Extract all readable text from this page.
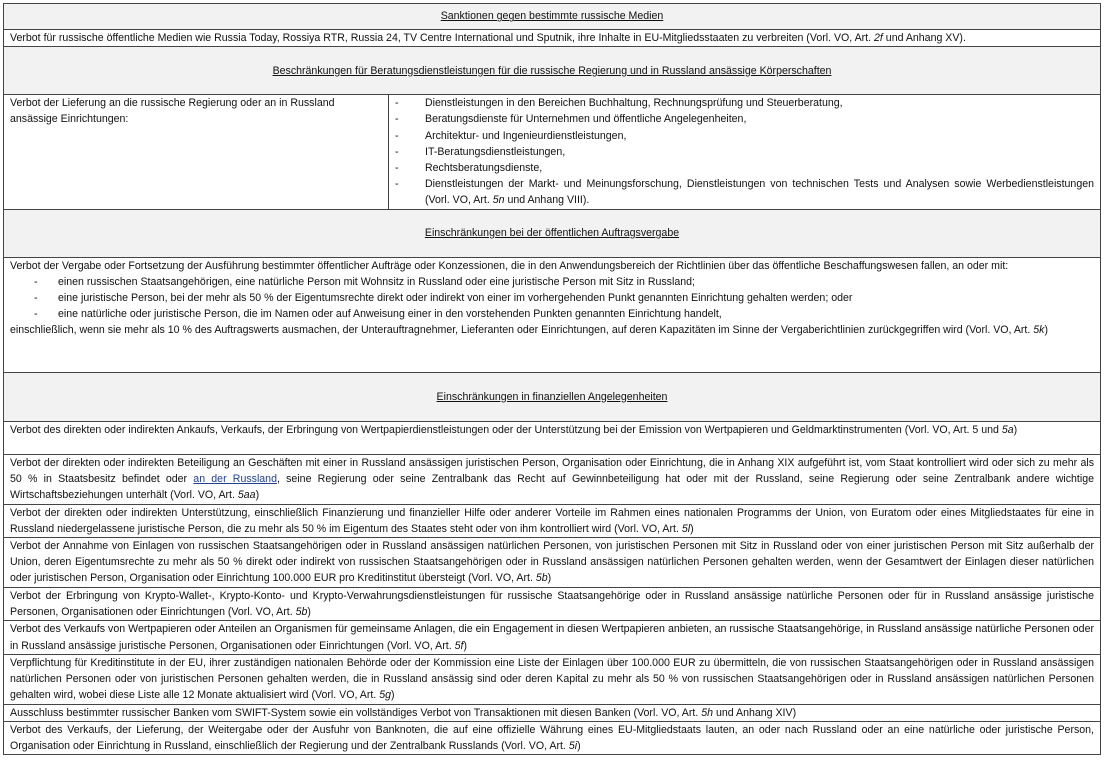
Sanktionen gegen bestimmte russische Medien
Verbot für russische öffentliche Medien wie Russia Today, Rossiya RTR, Russia 24, TV Centre International und Sputnik, ihre Inhalte in EU-Mitgliedsstaaten zu verbreiten (Vorl. VO, Art. 2f und Anhang XV).
Beschränkungen für Beratungsdienstleistungen für die russische Regierung und in Russland ansässige Körperschaften
Verbot der Lieferung an die russische Regierung oder an in Russland ansässige Einrichtungen:	
-	Dienstleistungen in den Bereichen Buchhaltung, Rechnungsprüfung und Steuerberatung,
-	Beratungsdienste für Unternehmen und öffentliche Angelegenheiten,
-	Architektur- und Ingenieurdienstleistungen,
-	IT-Beratungsdienstleistungen,
-	Rechtsberatungsdienste,
-	Dienstleistungen der Markt- und Meinungsforschung, Dienstleistungen von technischen Tests und Analysen sowie Werbedienstleistungen (Vorl. VO, Art. 5n und Anhang VIII).

Einschränkungen bei der öffentlichen Auftragsvergabe

Verbot der Vergabe oder Fortsetzung der Ausführung bestimmter öffentlicher Aufträge oder Konzessionen, die in den Anwendungsbereich der Richtlinien über das öffentliche Beschaffungswesen fallen, an oder mit:
-	einen russischen Staatsangehörigen, eine natürliche Person mit Wohnsitz in Russland oder eine juristische Person mit Sitz in Russland;
-	eine juristische Person, bei der mehr als 50 % der Eigentumsrechte direkt oder indirekt von einer im vorhergehenden Punkt genannten Einrichtung gehalten werden; oder
-	eine natürliche oder juristische Person, die im Namen oder auf Anweisung einer in den vorstehenden Punkten genannten Einrichtung handelt,
einschließlich, wenn sie mehr als 10 % des Auftragswerts ausmachen, der Unterauftragnehmer, Lieferanten oder Einrichtungen, auf deren Kapazitäten im Sinne der Vergaberichtlinien zurückgegriffen wird (Vorl. VO, Art. 5k)

Einschränkungen in finanziellen Angelegenheiten
Verbot des direkten oder indirekten Ankaufs, Verkaufs, der Erbringung von Wertpapierdienstleistungen oder der Unterstützung bei der Emission von Wertpapieren und Geldmarktinstrumenten (Vorl. VO, Art. 5 und 5a)
Verbot der direkten oder indirekten Beteiligung an Geschäften mit einer in Russland ansässigen juristischen Person, Organisation oder Einrichtung, die in Anhang XIX aufgeführt ist, vom Staat kontrolliert wird oder sich zu mehr als 50 % in Staatsbesitz befindet oder an der Russland, seine Regierung oder seine Zentralbank das Recht auf Gewinnbeteiligung hat oder mit der Russland, seine Regierung oder seine Zentralbank andere wichtige Wirtschaftsbeziehungen unterhält (Vorl. VO, Art. 5aa)
Verbot der direkten oder indirekten Unterstützung, einschließlich Finanzierung und finanzieller Hilfe oder anderer Vorteile im Rahmen eines nationalen Programms der Union, von Euratom oder eines Mitgliedstaates für eine in Russland niedergelassene juristische Person, die zu mehr als 50 % im Eigentum des Staates steht oder von ihm kontrolliert wird (Vorl. VO, Art. 5l)
Verbot der Annahme von Einlagen von russischen Staatsangehörigen oder in Russland ansässigen natürlichen Personen, von juristischen Personen mit Sitz in Russland oder von einer juristischen Person mit Sitz außerhalb der Union, deren Eigentumsrechte zu mehr als 50 % direkt oder indirekt von russischen Staatsangehörigen oder in Russland ansässigen natürlichen Personen gehalten werden, wenn der Gesamtwert der Einlagen dieser natürlichen oder juristischen Person, Organisation oder Einrichtung 100.000 EUR pro Kreditinstitut übersteigt (Vorl. VO, Art. 5b)
Verbot der Erbringung von Krypto-Wallet-, Krypto-Konto- und Krypto-Verwahrungsdienstleistungen für russische Staatsangehörige oder in Russland ansässige natürliche Personen oder für in Russland ansässige juristische Personen, Organisationen oder Einrichtungen (Vorl. VO, Art. 5b)
Verbot des Verkaufs von Wertpapieren oder Anteilen an Organismen für gemeinsame Anlagen, die ein Engagement in diesen Wertpapieren anbieten, an russische Staatsangehörige, in Russland ansässige natürliche Personen oder in Russland ansässige juristische Personen, Organisationen oder Einrichtungen (Vorl. VO, Art. 5f)
Verpflichtung für Kreditinstitute in der EU, ihrer zuständigen nationalen Behörde oder der Kommission eine Liste der Einlagen über 100.000 EUR zu übermitteln, die von russischen Staatsangehörigen oder in Russland ansässigen natürlichen Personen oder von juristischen Personen gehalten werden, die in Russland ansässig sind oder deren Kapital zu mehr als 50 % von russischen Staatsangehörigen oder in Russland ansässigen natürlichen Personen gehalten wird, wobei diese Liste alle 12 Monate aktualisiert wird (Vorl. VO, Art. 5g)
Ausschluss bestimmter russischer Banken vom SWIFT-System sowie ein vollständiges Verbot von Transaktionen mit diesen Banken (Vorl. VO, Art. 5h und Anhang XIV)
Verbot des Verkaufs, der Lieferung, der Weitergabe oder der Ausfuhr von Banknoten, die auf eine offizielle Währung eines EU-Mitgliedstaats lauten, an oder nach Russland oder an eine natürliche oder juristische Person, Organisation oder Einrichtung in Russland, einschließlich der Regierung und der Zentralbank Russlands (Vorl. VO, Art. 5i)
